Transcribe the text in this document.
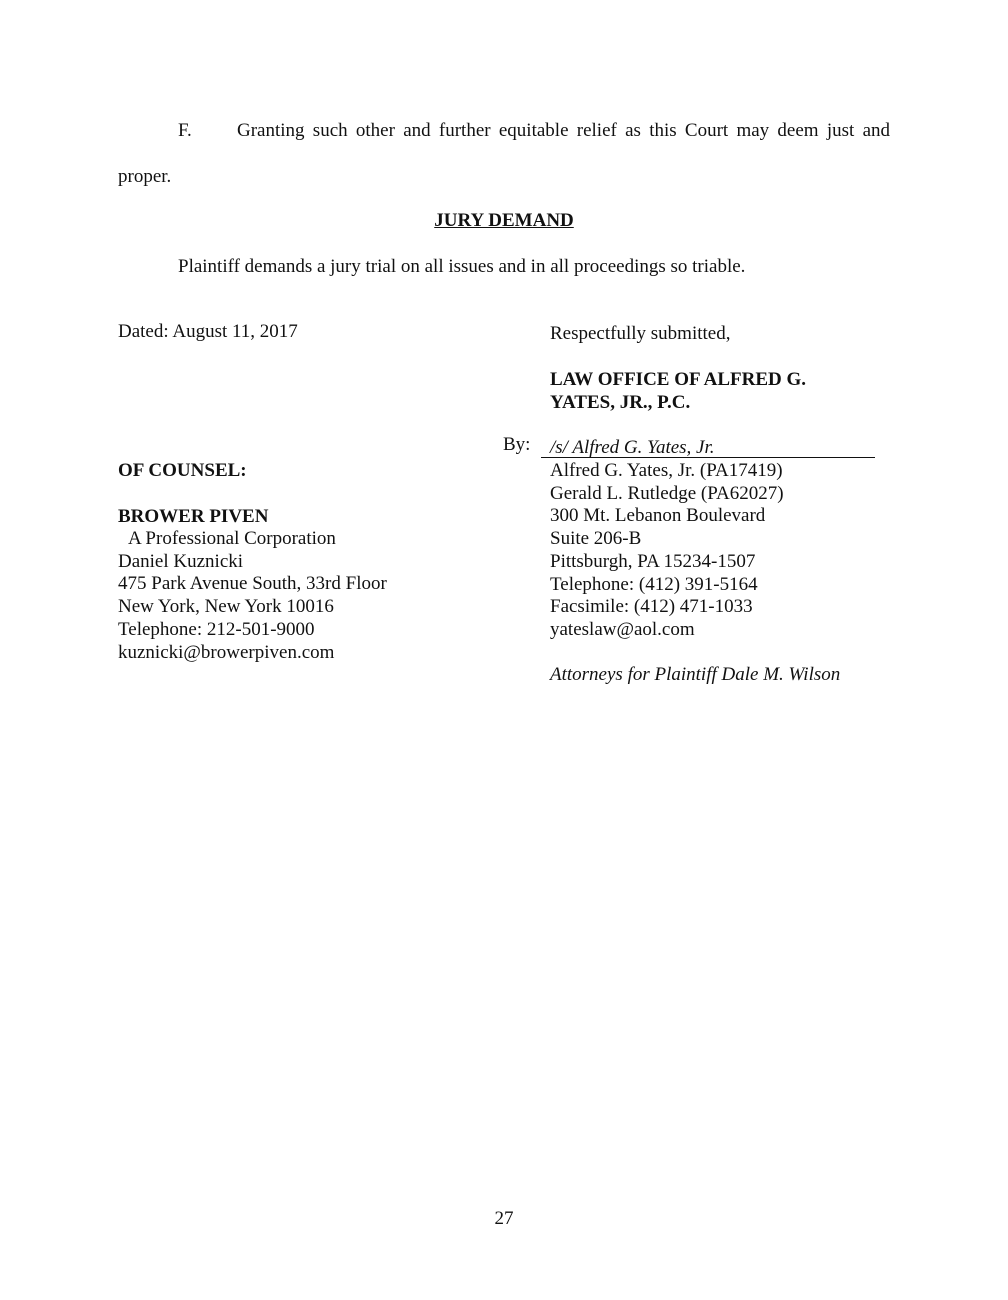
F. Granting such other and further equitable relief as this Court may deem just and
proper.
JURY DEMAND
Plaintiff demands a jury trial on all issues and in all proceedings so triable.
Dated: August 11, 2017	Respectfully submitted,
LAW OFFICE OF ALFRED G.
YATES, JR., P.C.
By: /s/ Alfred G. Yates, Jr.
Alfred G. Yates, Jr. (PA17419)
Gerald L. Rutledge (PA62027)
300 Mt. Lebanon Boulevard
Suite 206-B
Pittsburgh, PA 15234-1507
Telephone: (412) 391-5164
Facsimile: (412) 471-1033
yateslaw@aol.com
Attorneys for Plaintiff Dale M. Wilson
OF COUNSEL:
BROWER PIVEN
A Professional Corporation
Daniel Kuznicki
475 Park Avenue South, 33rd Floor
New York, New York 10016
Telephone: 212-501-9000
kuznicki@browerpiven.com
27
